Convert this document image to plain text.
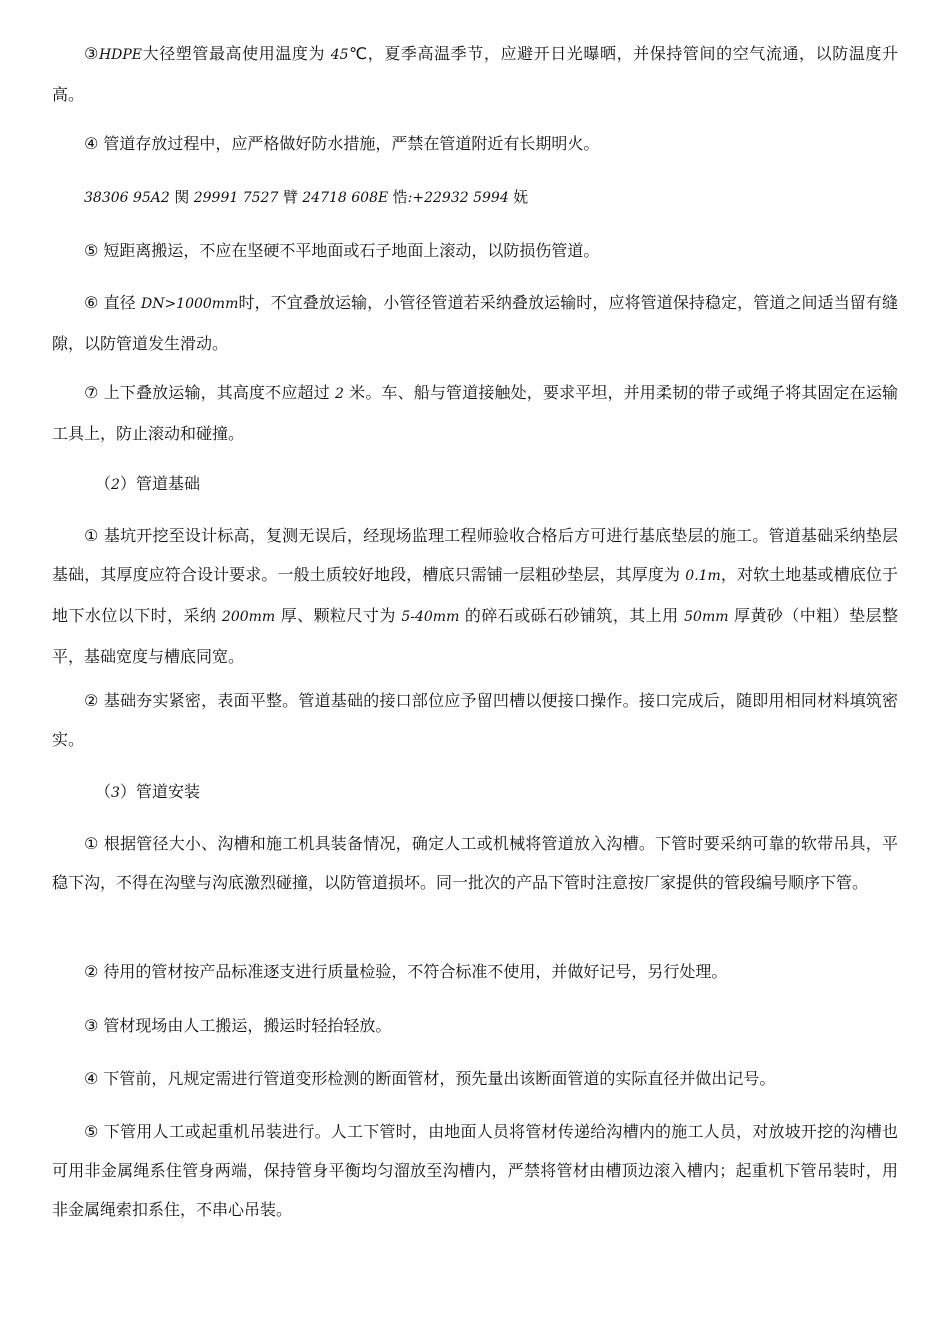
③HDPE大径塑管最高使用温度为 45℃，夏季高温季节，应避开日光曝晒，并保持管间的空气流通，以防温度升高。

④ 管道存放过程中，应严格做好防水措施，严禁在管道附近有长期明火。

38306 95A2 関 29991 7527 臂 24718 608E 悎:+22932 5994 妩

⑤ 短距离搬运，不应在坚硬不平地面或石子地面上滚动，以防损伤管道。

⑥ 直径 DN>1000mm时，不宜叠放运输，小管径管道若采纳叠放运输时，应将管道保持稳定，管道之间适当留有缝隙，以防管道发生滑动。

⑦ 上下叠放运输，其高度不应超过 2 米。车、船与管道接触处，要求平坦，并用柔韧的带子或绳子将其固定在运输工具上，防止滚动和碰撞。

（2）管道基础

① 基坑开挖至设计标高，复测无误后，经现场监理工程师验收合格后方可进行基底垫层的施工。管道基础采纳垫层基础，其厚度应符合设计要求。一般土质较好地段，槽底只需铺一层粗砂垫层，其厚度为 0.1m，对软土地基或槽底位于地下水位以下时，采纳 200mm 厚、颗粒尺寸为 5-40mm 的碎石或砾石砂铺筑，其上用 50mm 厚黄砂（中粗）垫层整平，基础宽度与槽底同宽。

② 基础夯实紧密，表面平整。管道基础的接口部位应予留凹槽以便接口操作。接口完成后，随即用相同材料填筑密实。

（3）管道安装

① 根据管径大小、沟槽和施工机具装备情况，确定人工或机械将管道放入沟槽。下管时要采纳可靠的软带吊具，平稳下沟，不得在沟壁与沟底激烈碰撞，以防管道损坏。同一批次的产品下管时注意按厂家提供的管段编号顺序下管。

② 待用的管材按产品标准逐支进行质量检验，不符合标准不使用，并做好记号，另行处理。

③ 管材现场由人工搬运，搬运时轻抬轻放。

④ 下管前，凡规定需进行管道变形检测的断面管材，预先量出该断面管道的实际直径并做出记号。

⑤ 下管用人工或起重机吊装进行。人工下管时，由地面人员将管材传递给沟槽内的施工人员，对放坡开挖的沟槽也可用非金属绳系住管身两端，保持管身平衡均匀溜放至沟槽内，严禁将管材由槽顶边滚入槽内；起重机下管吊装时，用非金属绳索扣系住，不串心吊装。
